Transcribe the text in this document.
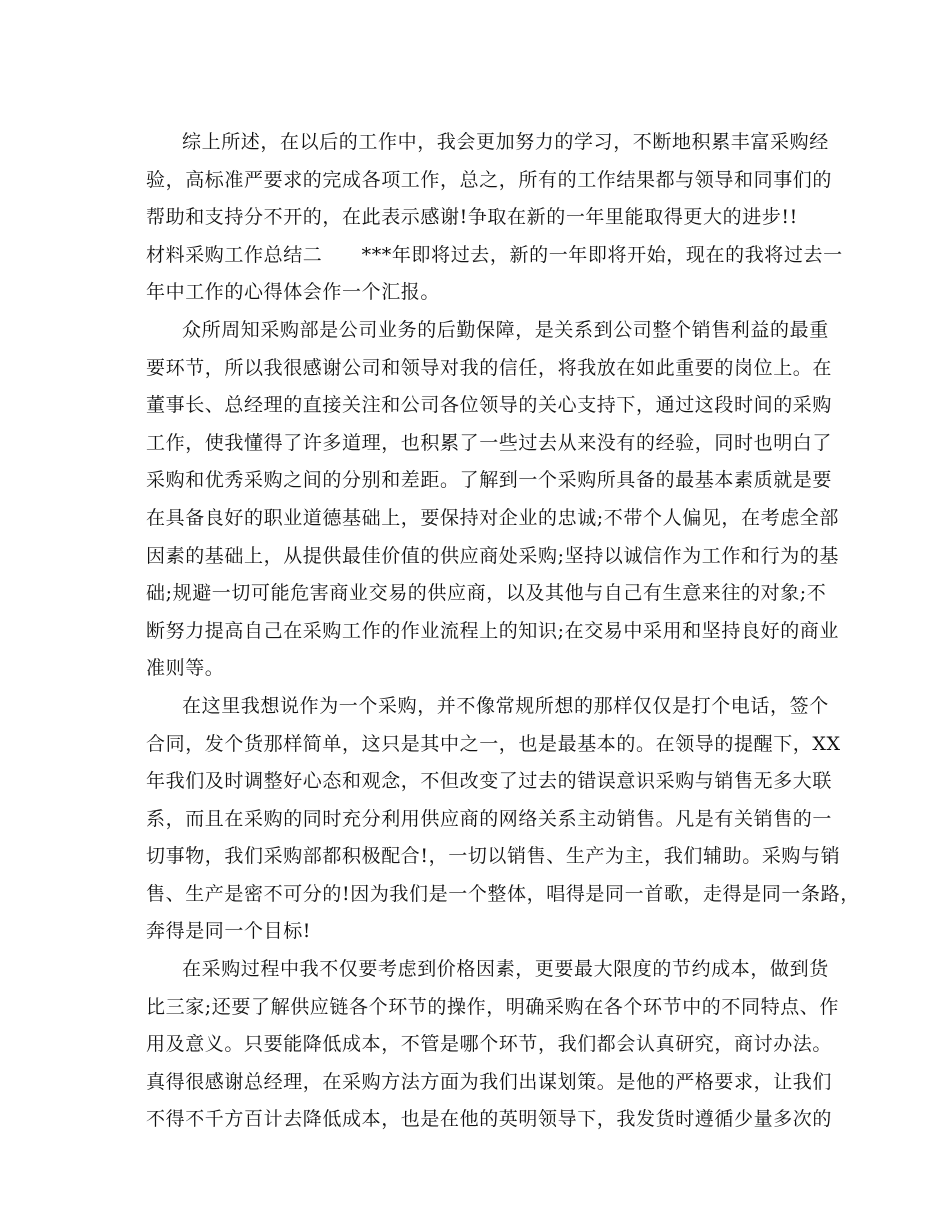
综上所述，在以后的工作中，我会更加努力的学习，不断地积累丰富采购经
验，高标准严要求的完成各项工作，总之，所有的工作结果都与领导和同事们的
帮助和支持分不开的，在此表示感谢!争取在新的一年里能取得更大的进步!!
材料采购工作总结二　　***年即将过去，新的一年即将开始，现在的我将过去一
年中工作的心得体会作一个汇报。
众所周知采购部是公司业务的后勤保障，是关系到公司整个销售利益的最重
要环节，所以我很感谢公司和领导对我的信任，将我放在如此重要的岗位上。在
董事长、总经理的直接关注和公司各位领导的关心支持下，通过这段时间的采购
工作，使我懂得了许多道理，也积累了一些过去从来没有的经验，同时也明白了
采购和优秀采购之间的分别和差距。了解到一个采购所具备的最基本素质就是要
在具备良好的职业道德基础上，要保持对企业的忠诚;不带个人偏见，在考虑全部
因素的基础上，从提供最佳价值的供应商处采购;坚持以诚信作为工作和行为的基
础;规避一切可能危害商业交易的供应商，以及其他与自己有生意来往的对象;不
断努力提高自己在采购工作的作业流程上的知识;在交易中采用和坚持良好的商业
准则等。
在这里我想说作为一个采购，并不像常规所想的那样仅仅是打个电话，签个
合同，发个货那样简单，这只是其中之一，也是最基本的。在领导的提醒下，XX
年我们及时调整好心态和观念，不但改变了过去的错误意识采购与销售无多大联
系，而且在采购的同时充分利用供应商的网络关系主动销售。凡是有关销售的一
切事物，我们采购部都积极配合!，一切以销售、生产为主，我们辅助。采购与销
售、生产是密不可分的!因为我们是一个整体，唱得是同一首歌，走得是同一条路，
奔得是同一个目标!
在采购过程中我不仅要考虑到价格因素，更要最大限度的节约成本，做到货
比三家;还要了解供应链各个环节的操作，明确采购在各个环节中的不同特点、作
用及意义。只要能降低成本，不管是哪个环节，我们都会认真研究，商讨办法。
真得很感谢总经理，在采购方法方面为我们出谋划策。是他的严格要求，让我们
不得不千方百计去降低成本，也是在他的英明领导下，我发货时遵循少量多次的
